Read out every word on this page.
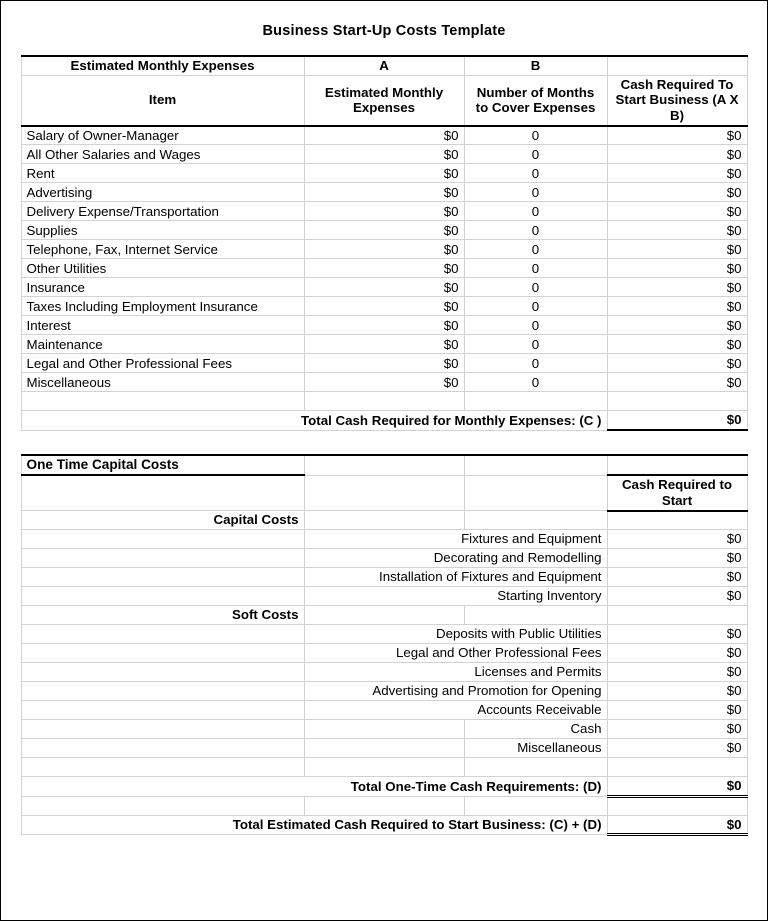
Business Start-Up Costs Template
Estimated Monthly Expenses	A	B	
Item	Estimated Monthly Expenses	Number of Months to Cover Expenses	Cash Required To Start Business (A X B)
Salary of Owner-Manager	$0	0	$0
All Other Salaries and Wages	$0	0	$0
Rent	$0	0	$0
Advertising	$0	0	$0
Delivery Expense/Transportation	$0	0	$0
Supplies	$0	0	$0
Telephone, Fax, Internet Service	$0	0	$0
Other Utilities	$0	0	$0
Insurance	$0	0	$0
Taxes Including Employment Insurance	$0	0	$0
Interest	$0	0	$0
Maintenance	$0	0	$0
Legal and Other Professional Fees	$0	0	$0
Miscellaneous	$0	0	$0

Total Cash Required for Monthly Expenses: (C )			$0
One Time Capital Costs			
			Cash Required to Start
Capital Costs			
	Fixtures and Equipment		$0
	Decorating and Remodelling		$0
	Installation of Fixtures and Equipment		$0
	Starting Inventory		$0
Soft Costs			
	Deposits with Public Utilities		$0
	Legal and Other Professional Fees		$0
	Licenses and Permits		$0
	Advertising and Promotion for Opening		$0
	Accounts Receivable		$0
		Cash	$0
		Miscellaneous	$0

Total One-Time Cash Requirements: (D)			$0

Total Estimated Cash Required to Start Business: (C) + (D)			$0
